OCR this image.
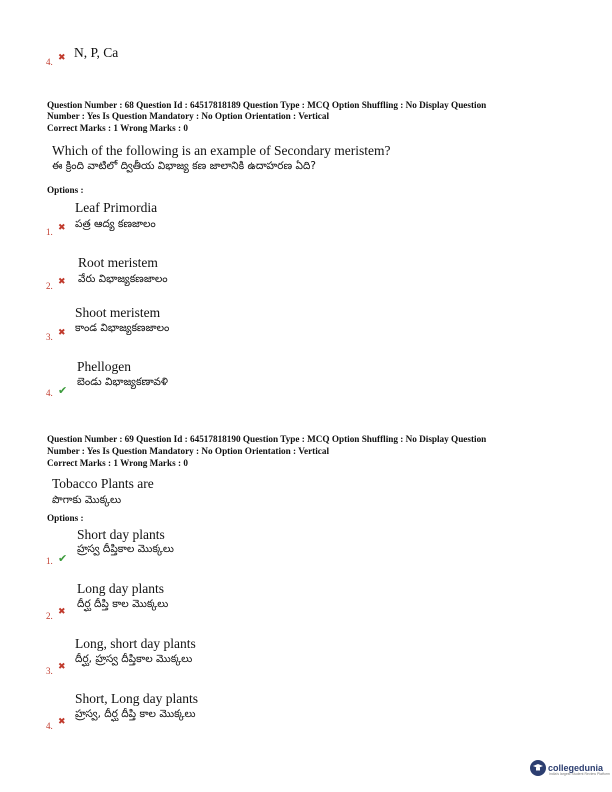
4. ✖ N, P, Ca
Question Number : 68 Question Id : 64517818189 Question Type : MCQ Option Shuffling : No Display Question
Number : Yes Is Question Mandatory : No Option Orientation : Vertical
Correct Marks : 1 Wrong Marks : 0
Which of the following is an example of Secondary meristem?
ఈ క్రింది వాటిలో ద్వితీయ విభాజ్య కణ జాలానికి ఉదాహరణ ఏది?
Options :
Leaf Primordia
1. ✖ పత్ర ఆద్య కణజాలం
Root meristem
2. ✖ వేరు విభాజ్యకణజాలం
Shoot meristem
3. ✖ కాండ విభాజ్యకణజాలం
Phellogen
4. ✔
బెండు విభాజ్యకణావళి
Question Number : 69 Question Id : 64517818190 Question Type : MCQ Option Shuffling : No Display Question
Number : Yes Is Question Mandatory : No Option Orientation : Vertical
Correct Marks : 1 Wrong Marks : 0
Tobacco Plants are
పొగాకు మొక్కలు
Options :
Short day plants
1. ✔
హ్రస్వ దీప్తికాల మొక్కలు
Long day plants
2. ✖
దీర్ఘ దీప్తి కాల మొక్కలు
Long, short day plants
3. ✖
దీర్ఘ, హ్రస్వ దీప్తికాల మొక్కలు
Short, Long day plants
4. ✖
హ్రస్వ, దీర్ఘ దీప్తి కాల మొక్కలు
collegedunia
India's largest Student Review Platform
